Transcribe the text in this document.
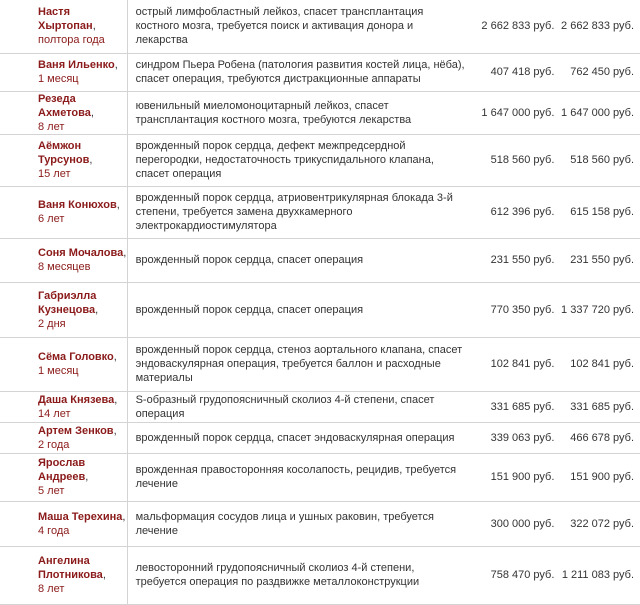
Настя Хыртопан,
полтора года	острый лимфобластный лейкоз, спасет трансплантация костного мозга, требуется поиск и активация донора и лекарства	2 662 833 руб.	2 662 833 руб.
Ваня Ильенко,
1 месяц	синдром Пьера Робена (патология развития костей лица, нёба), спасет операция, требуются дистракционные аппараты	407 418 руб.	762 450 руб.
Резеда Ахметова,
8 лет	ювенильный миеломоноцитарный лейкоз, спасет трансплантация костного мозга, требуются лекарства	1 647 000 руб.	1 647 000 руб.
Аёмжон Турсунов,
15 лет	врожденный порок сердца, дефект межпредсердной перегородки, недостаточность трикуспидального клапана, спасет операция	518 560 руб.	518 560 руб.
Ваня Конюхов,
6 лет	врожденный порок сердца, атриовентрикулярная блокада 3-й степени, требуется замена двухкамерного электрокардиостимулятора	612 396 руб.	615 158 руб.
Соня Мочалова,
8 месяцев	врожденный порок сердца, спасет операция	231 550 руб.	231 550 руб.
Габриэлла Кузнецова,
2 дня	врожденный порок сердца, спасет операция	770 350 руб.	1 337 720 руб.
Сёма Головко,
1 месяц	врожденный порок сердца, стеноз аортального клапана, спасет эндоваскулярная операция, требуется баллон и расходные материалы	102 841 руб.	102 841 руб.
Даша Князева,
14 лет	S-образный грудопоясничный сколиоз 4-й степени, спасет операция	331 685 руб.	331 685 руб.
Артем Зенков,
2 года	врожденный порок сердца, спасет эндоваскулярная операция	339 063 руб.	466 678 руб.
Ярослав Андреев,
5 лет	врожденная правосторонняя косолапость, рецидив, требуется лечение	151 900 руб.	151 900 руб.
Маша Терехина,
4 года	мальформация сосудов лица и ушных раковин, требуется лечение	300 000 руб.	322 072 руб.
Ангелина Плотникова,
8 лет	левосторонний грудопоясничный сколиоз 4-й степени, требуется операция по раздвижке металлоконструкции	758 470 руб.	1 211 083 руб.
